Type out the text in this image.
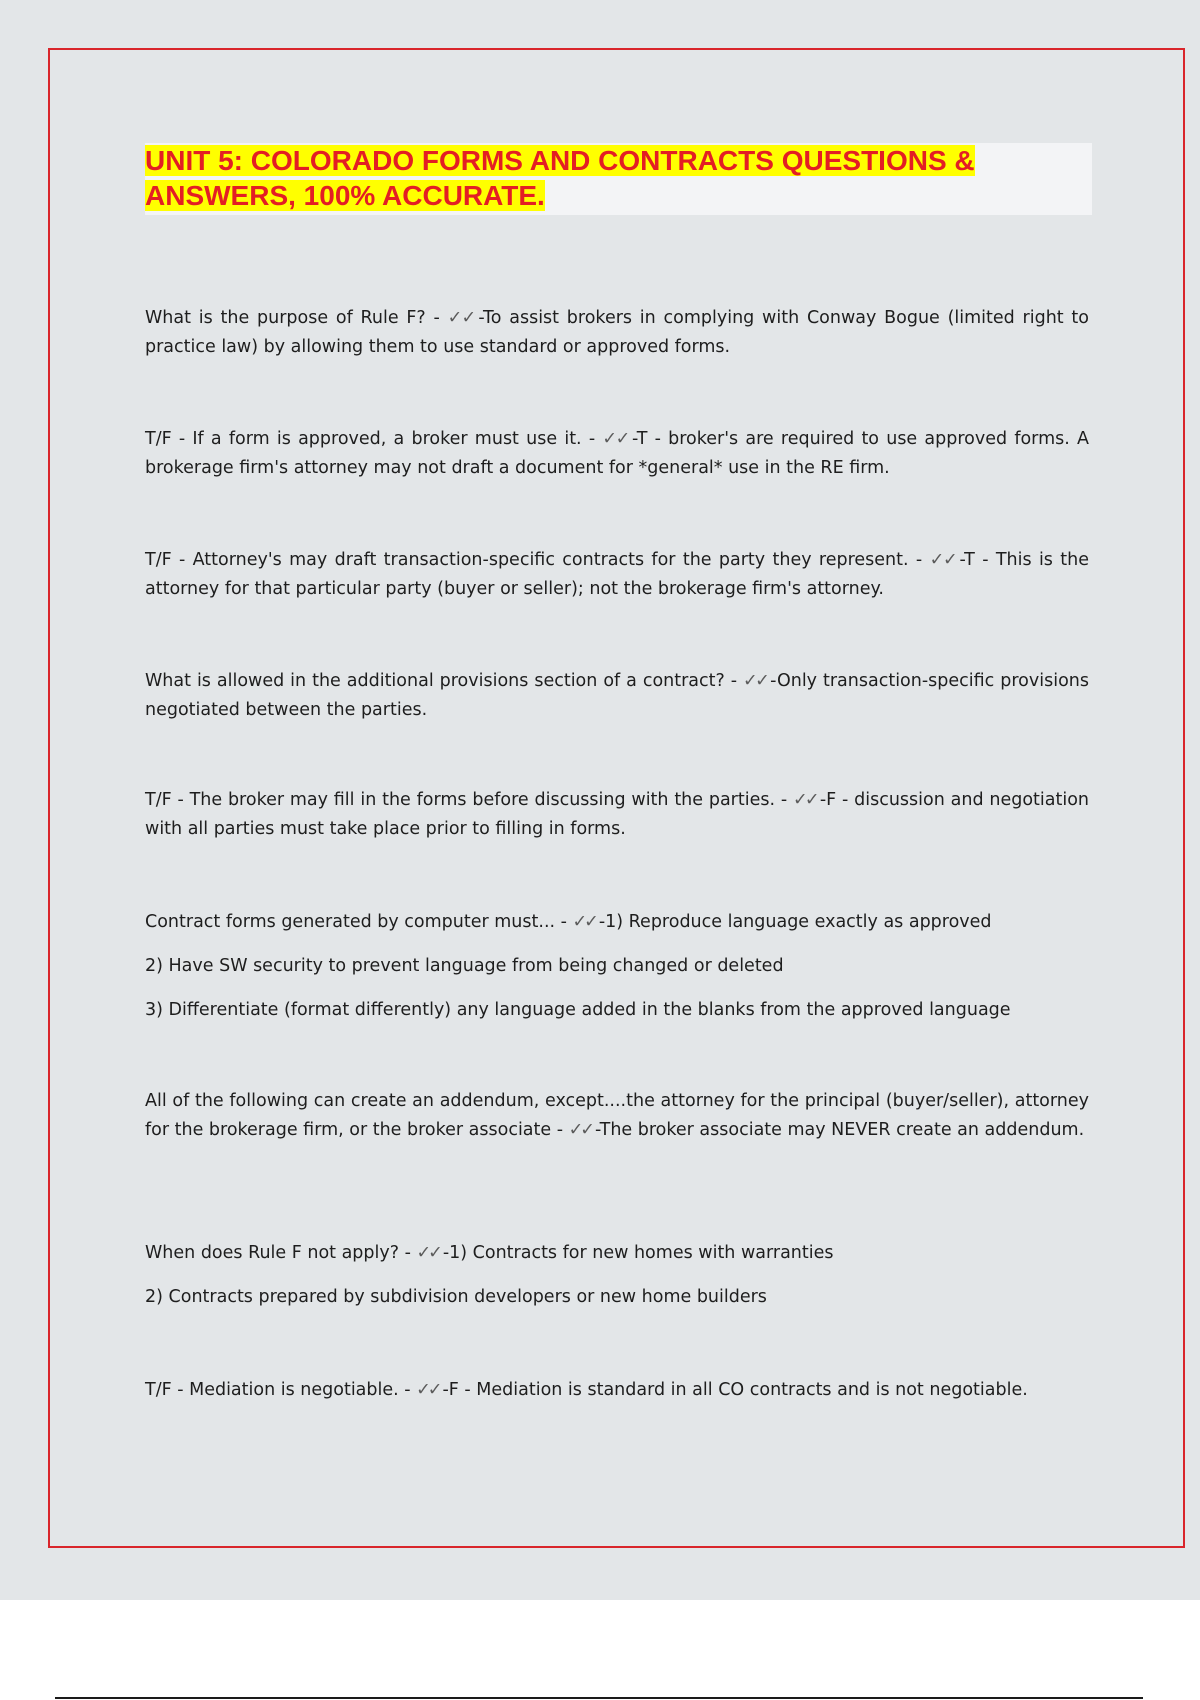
UNIT 5: COLORADO FORMS AND CONTRACTS QUESTIONS &
ANSWERS, 100% ACCURATE.

What is the purpose of Rule F? - ✓✓ -To assist brokers in complying with Conway Bogue (limited right to practice law) by allowing them to use standard or approved forms.

T/F - If a form is approved, a broker must use it. - ✓✓ -T - broker's are required to use approved forms. A brokerage firm's attorney may not draft a document for *general* use in the RE firm.

T/F - Attorney's may draft transaction-specific contracts for the party they represent. - ✓✓ -T - This is the attorney for that particular party (buyer or seller); not the brokerage firm's attorney.

What is allowed in the additional provisions section of a contract? - ✓✓ -Only transaction-specific provisions negotiated between the parties.

T/F - The broker may fill in the forms before discussing with the parties. - ✓✓ -F - discussion and negotiation with all parties must take place prior to filling in forms.

Contract forms generated by computer must... - ✓✓ -1) Reproduce language exactly as approved

2) Have SW security to prevent language from being changed or deleted

3) Differentiate (format differently) any language added in the blanks from the approved language

All of the following can create an addendum, except....the attorney for the principal (buyer/seller), attorney for the brokerage firm, or the broker associate - ✓✓ -The broker associate may NEVER create an addendum.

When does Rule F not apply? - ✓✓ -1) Contracts for new homes with warranties

2) Contracts prepared by subdivision developers or new home builders

T/F - Mediation is negotiable. - ✓✓ -F - Mediation is standard in all CO contracts and is not negotiable.
